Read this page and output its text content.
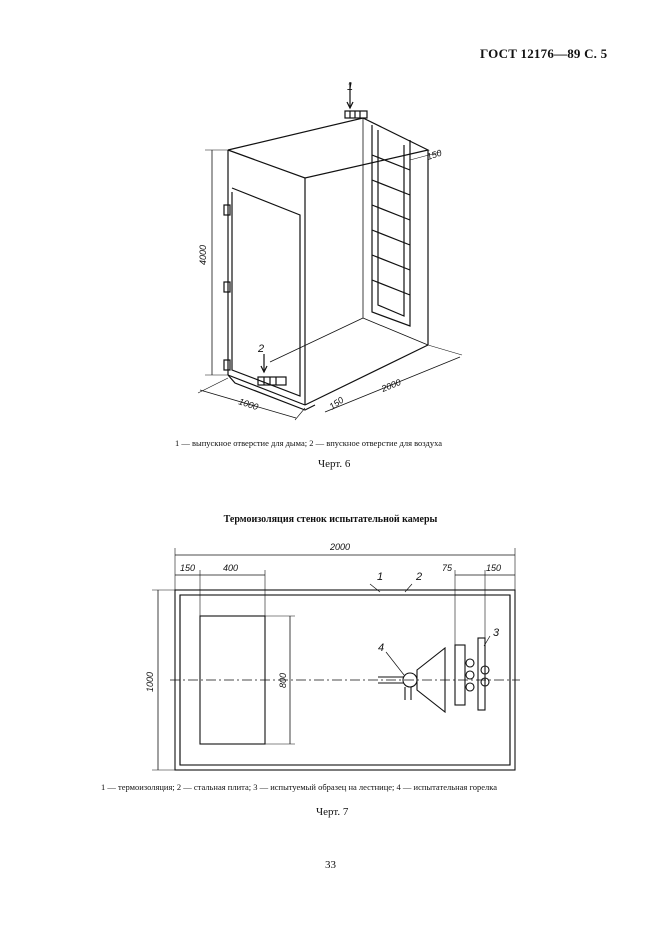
ГОСТ 12176—89 С. 5
4000
1000
2000
150
150
1
2
1 — выпускное отверстие для дыма; 2 — впускное отверстие для воздуха
Черт. 6
Термоизоляция стенок испытательной камеры
2000
150	400	75	150
1000	800
1	2
3
4
1 — термоизоляция; 2 — стальная плита; 3 — испытуемый образец на лестнице; 4 — испытательная горелка
Черт. 7
33
